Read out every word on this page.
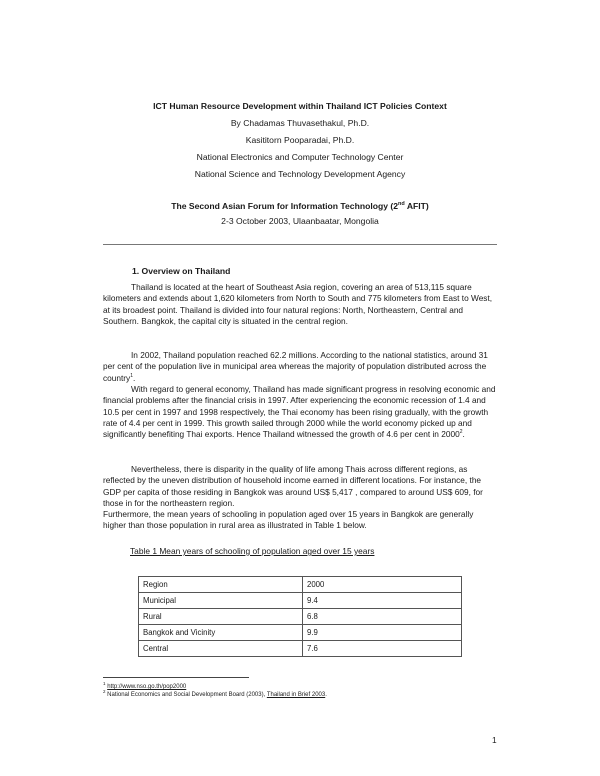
ICT Human Resource Development within Thailand ICT Policies Context
By Chadamas Thuvasethakul, Ph.D.
Kasititorn Pooparadai, Ph.D.
National Electronics and Computer Technology Center
National Science and Technology Development Agency
The Second Asian Forum for Information Technology (2nd AFIT)
2-3 October 2003, Ulaanbaatar, Mongolia
1. Overview on Thailand

Thailand is located at the heart of Southeast Asia region, covering an area of 513,115 square kilometers and extends about 1,620 kilometers from North to South and 775 kilometers from East to West, at its broadest point. Thailand is divided into four natural regions: North, Northeastern, Central and Southern. Bangkok, the capital city is situated in the central region.

In 2002, Thailand population reached 62.2 millions. According to the national statistics, around 31 per cent of the population live in municipal area whereas the majority of population distributed across the country$^1$.

With regard to general economy, Thailand has made significant progress in resolving economic and financial problems after the financial crisis in 1997. After experiencing the economic recession of 1.4 and 10.5 per cent in 1997 and 1998 respectively, the Thai economy has been rising gradually, with the growth rate of 4.4 per cent in 1999. This growth sailed through 2000 while the world economy picked up and significantly benefiting Thai exports. Hence Thailand witnessed the growth of 4.6 per cent in 2000$^2$.

Nevertheless, there is disparity in the quality of life among Thais across different regions, as reflected by the uneven distribution of household income earned in different locations. For instance, the GDP per capita of those residing in Bangkok was around US$ 5,417 , compared to around US$ 609, for those in for the northeastern region.
Furthermore, the mean years of schooling in population aged over 15 years in Bangkok are generally higher than those population in rural area as illustrated in Table 1 below.

Table 1 Mean years of schooling of population aged over 15 years
Region	2000
Municipal	9.4
Rural	6.8
Bangkok and Vicinity	9.9
Central	7.6
$^1$ http://www.nso.go.th/pop2000
$^2$ National Economics and Social Development Board (2003), Thailand in Brief 2003.
1
